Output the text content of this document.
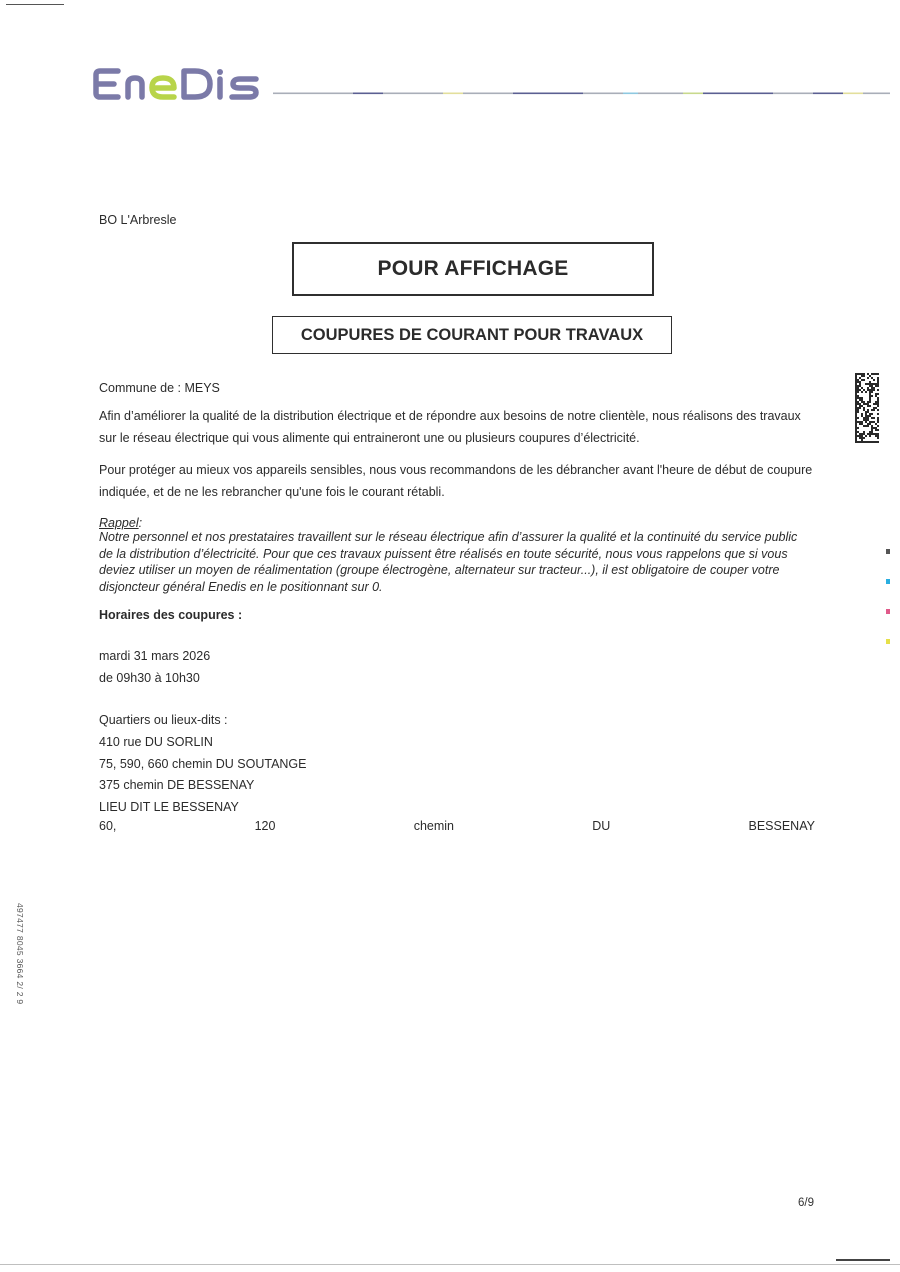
BO L'Arbresle
POUR AFFICHAGE
COUPURES DE COURANT POUR TRAVAUX
Commune de : MEYS
Afin d’améliorer la qualité de la distribution électrique et de répondre aux besoins de notre clientèle, nous réalisons des travaux
sur le réseau électrique qui vous alimente qui entraineront une ou plusieurs coupures d’électricité.
Pour protéger au mieux vos appareils sensibles, nous vous recommandons de les débrancher avant l'heure de début de coupure
indiquée, et de ne les rebrancher qu'une fois le courant rétabli.
Rappel:
Notre personnel et nos prestataires travaillent sur le réseau électrique afin d’assurer la qualité et la continuité du service public
de la distribution d’électricité. Pour que ces travaux puissent être réalisés en toute sécurité, nous vous rappelons que si vous
deviez utiliser un moyen de réalimentation (groupe électrogène, alternateur sur tracteur...), il est obligatoire de couper votre
disjoncteur général Enedis en le positionnant sur 0.
Horaires des coupures :
mardi 31 mars 2026
de 09h30 à 10h30
Quartiers ou lieux-dits :
410 rue DU SORLIN
75, 590, 660 chemin DU SOUTANGE
375 chemin DE BESSENAY
LIEU DIT LE BESSENAY
60,	120	chemin	DU	BESSENAY
497477 8045 3664 2/ 2 9
6/9
